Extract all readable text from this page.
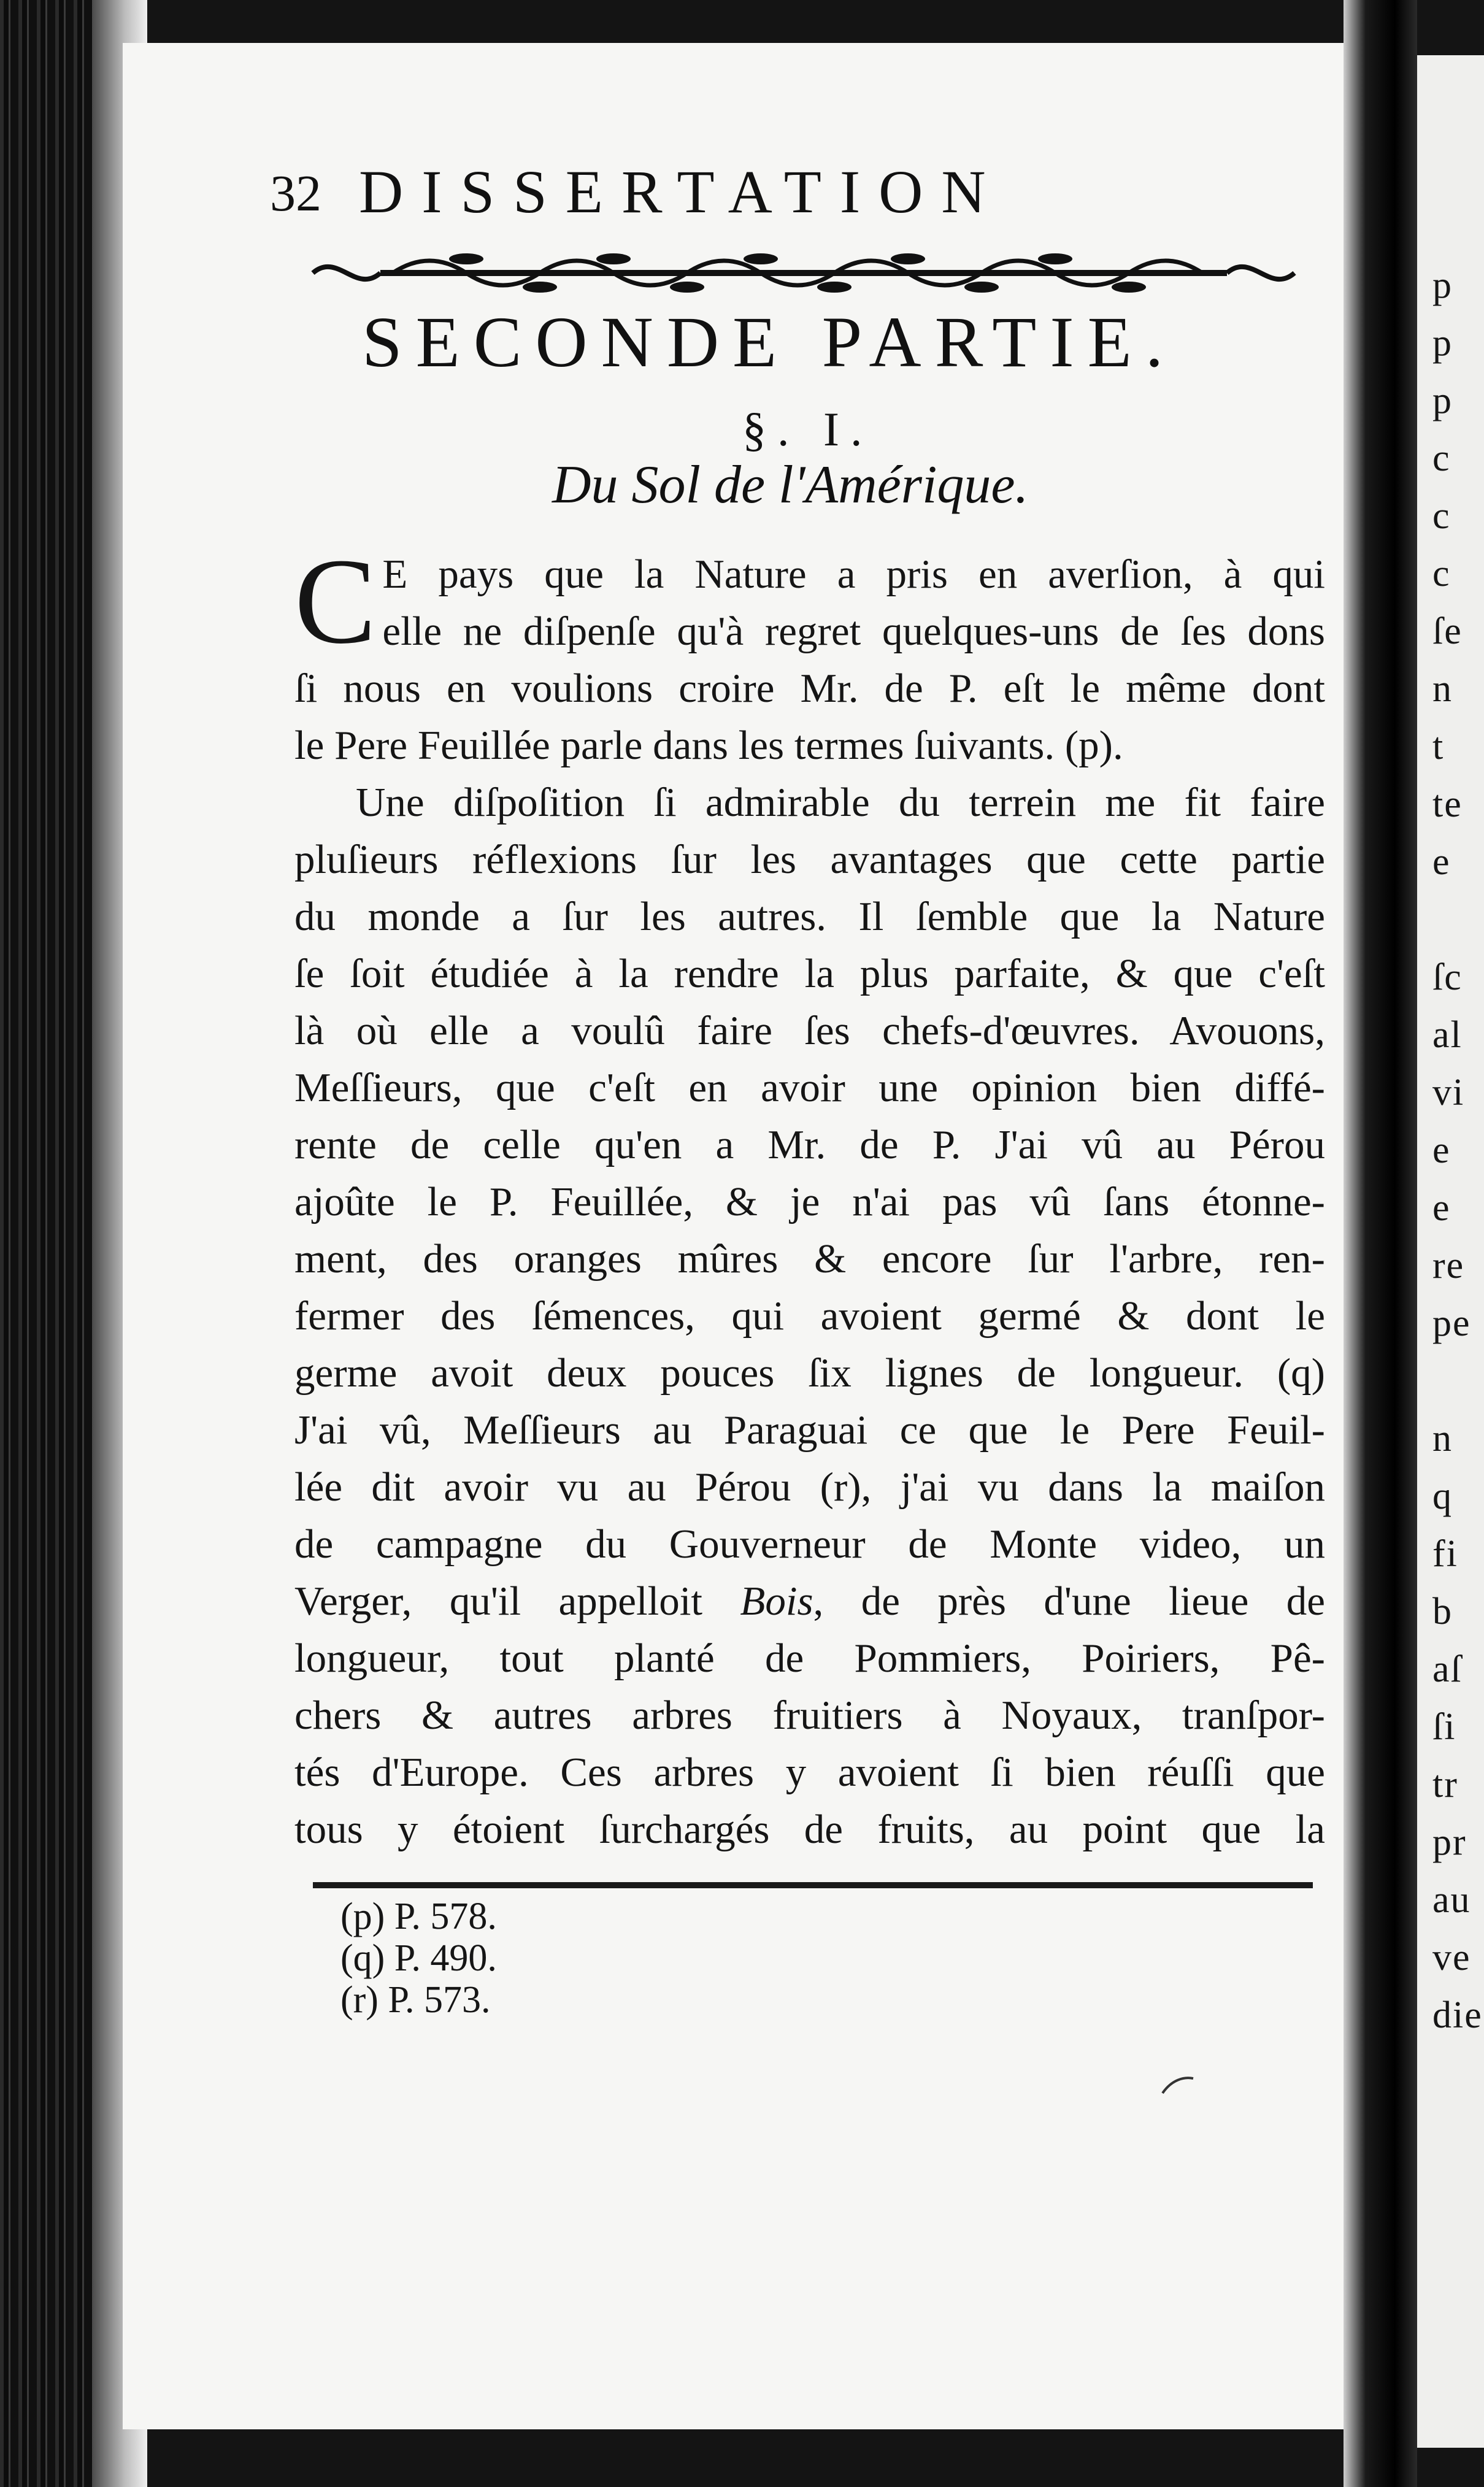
p
p
p
c
c
c
ſe
n
t
te
e
ſc
al
vi
e
e
re
pe
n
q
fi
b
aſ
ſi
tr
pr
au
ve
die
32 DISSERTATION
SECONDE PARTIE.
§. I.
Du Sol de l'Amérique.
C E pays que la Nature a pris en averſion, à qui
elle ne diſpenſe qu'à regret quelques-uns de ſes dons
ſi nous en voulions croire Mr. de P. eſt le même dont
le Pere Feuillée parle dans les termes ſuivants. (p).
Une diſpoſition ſi admirable du terrein me fit faire
pluſieurs réflexions ſur les avantages que cette partie
du monde a ſur les autres. Il ſemble que la Nature
ſe ſoit étudiée à la rendre la plus parfaite, & que c'eſt
là où elle a voulû faire ſes chefs-d'œuvres. Avouons,
Meſſieurs, que c'eſt en avoir une opinion bien diffé-
rente de celle qu'en a Mr. de P. J'ai vû au Pérou
ajoûte le P. Feuillée, & je n'ai pas vû ſans étonne-
ment, des oranges mûres & encore ſur l'arbre, ren-
fermer des ſémences, qui avoient germé & dont le
germe avoit deux pouces ſix lignes de longueur. (q)
J'ai vû, Meſſieurs au Paraguai ce que le Pere Feuil-
lée dit avoir vu au Pérou (r), j'ai vu dans la maiſon
de campagne du Gouverneur de Monte video, un
Verger, qu'il appelloit Bois, de près d'une lieue de
longueur, tout planté de Pommiers, Poiriers, Pê-
chers & autres arbres fruitiers à Noyaux, tranſpor-
tés d'Europe. Ces arbres y avoient ſi bien réuſſi que
tous y étoient ſurchargés de fruits, au point que la
(p) P. 578.
(q) P. 490.
(r) P. 573.
